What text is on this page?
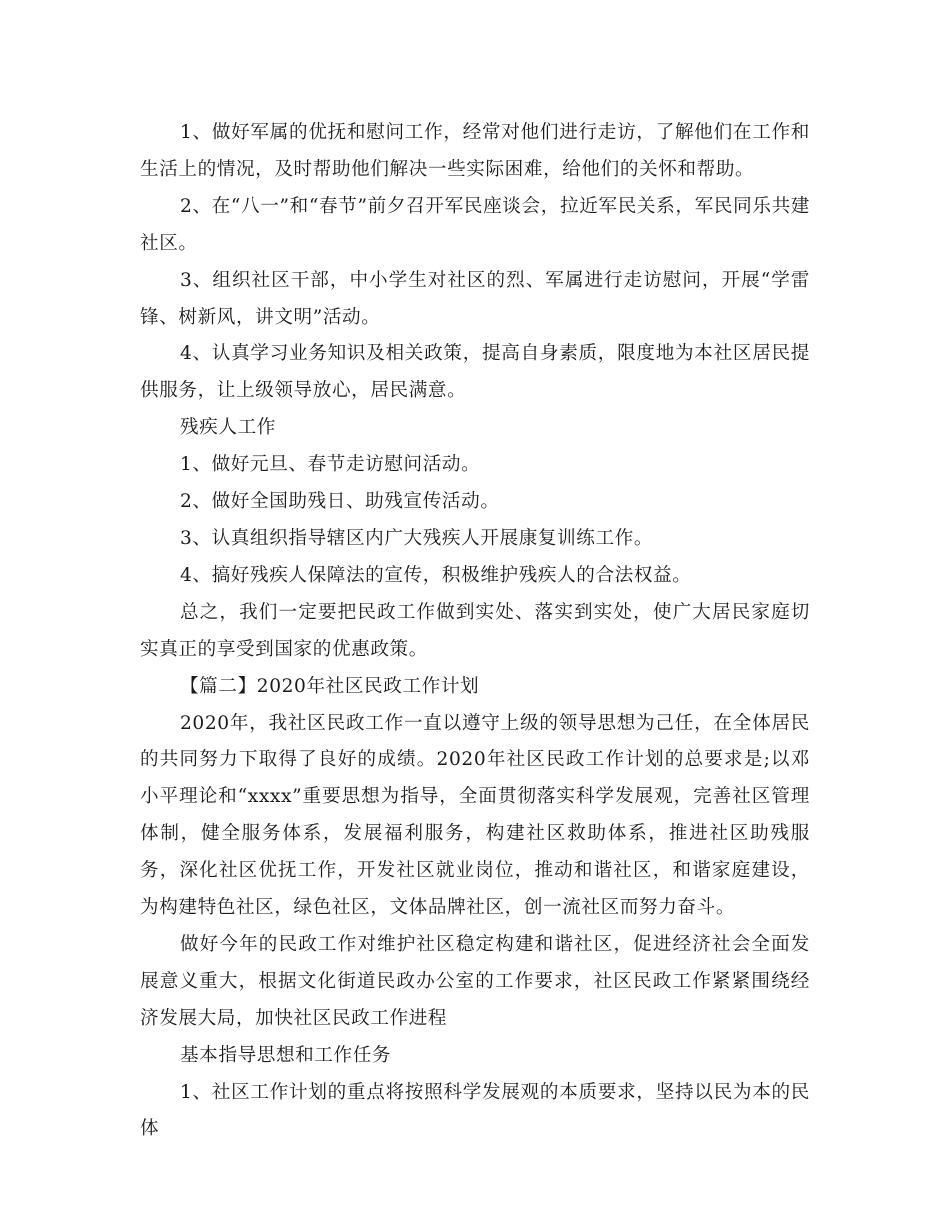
1、做好军属的优抚和慰问工作，经常对他们进行走访，了解他们在工作和生活上的情况，及时帮助他们解决一些实际困难，给他们的关怀和帮助。

2、在“八一”和“春节”前夕召开军民座谈会，拉近军民关系，军民同乐共建社区。

3、组织社区干部，中小学生对社区的烈、军属进行走访慰问，开展“学雷锋、树新风，讲文明”活动。

4、认真学习业务知识及相关政策，提高自身素质，限度地为本社区居民提供服务，让上级领导放心，居民满意。

残疾人工作

1、做好元旦、春节走访慰问活动。

2、做好全国助残日、助残宣传活动。

3、认真组织指导辖区内广大残疾人开展康复训练工作。

4、搞好残疾人保障法的宣传，积极维护残疾人的合法权益。

总之，我们一定要把民政工作做到实处、落实到实处，使广大居民家庭切实真正的享受到国家的优惠政策。

【篇二】2020年社区民政工作计划

2020年，我社区民政工作一直以遵守上级的领导思想为己任，在全体居民的共同努力下取得了良好的成绩。2020年社区民政工作计划的总要求是;以邓小平理论和“xxxx”重要思想为指导，全面贯彻落实科学发展观，完善社区管理体制，健全服务体系，发展福利服务，构建社区救助体系，推进社区助残服务，深化社区优抚工作，开发社区就业岗位，推动和谐社区，和谐家庭建设，为构建特色社区，绿色社区，文体品牌社区，创一流社区而努力奋斗。

做好今年的民政工作对维护社区稳定构建和谐社区，促进经济社会全面发展意义重大，根据文化街道民政办公室的工作要求，社区民政工作紧紧围绕经济发展大局，加快社区民政工作进程

基本指导思想和工作任务

1、社区工作计划的重点将按照科学发展观的本质要求，坚持以民为本的民体
